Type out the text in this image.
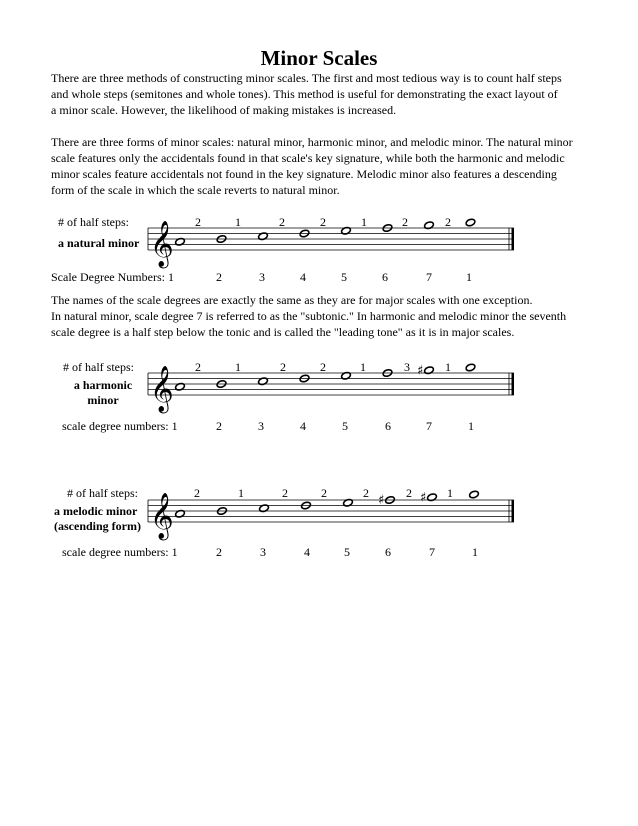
Minor Scales
There are three methods of constructing minor scales. The first and most tedious way is to count half steps
and whole steps (semitones and whole tones). This method is useful for demonstrating the exact layout of
a minor scale. However, the likelihood of making mistakes is increased.
There are three forms of minor scales: natural minor, harmonic minor, and melodic minor. The natural minor
scale features only the accidentals found in that scale's key signature, while both the harmonic and melodic
minor scales feature accidentals not found in the key signature. Melodic minor also features a descending
form of the scale in which the scale reverts to natural minor.
The names of the scale degrees are exactly the same as they are for major scales with one exception.
In natural minor, scale degree 7 is referred to as the "subtonic." In harmonic and melodic minor the seventh
scale degree is a half step below the tonic and is called the "leading tone" as it is in major scales.
# of half steps:	2	1	2	2	1	2	2
a natural minor 𝄞
Scale Degree Numbers: 1	2	3	4	5	6	7	1
# of half steps:	2	1	2	2	1	3	1
a harmonic
minor 𝄞	♯
scale degree numbers: 1	2	3	4	5	6	7	1
# of half steps:	2	1	2	2	2	2	1
a melodic minor
(ascending form) 𝄞	♯	♯
scale degree numbers: 1	2	3	4	5	6	7	1
